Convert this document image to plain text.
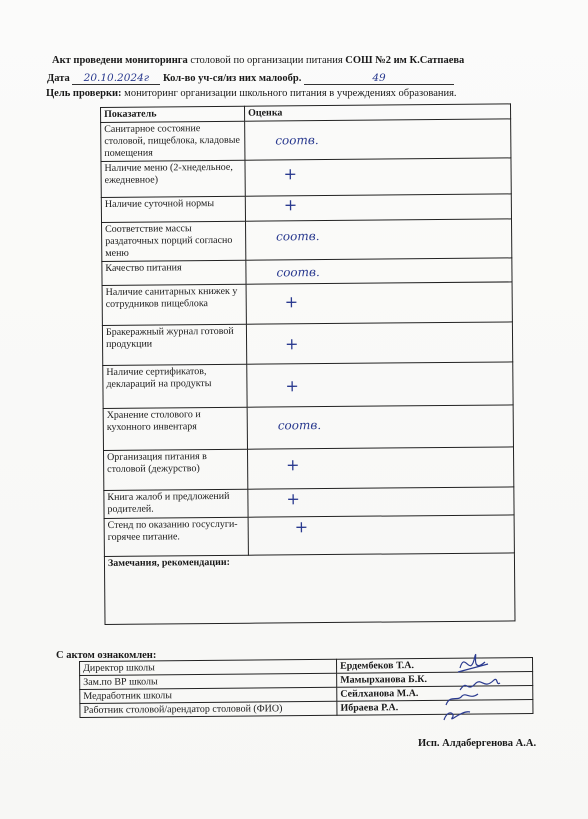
Акт проведени мониторинга столовой по организации питания СОШ №2 им К.Сатпаева
Дата 20.10.2024г Кол-во уч-ся/из них малообр.	49
Цель проверки: мониторинг организации школьного питания в учреждениях образования.
Показатель	Оценка
Санитарное состояние столовой, пищеблока, кладовые помещения	соотв.

Наличие меню (2-хнедельное, ежедневное)	+

Наличие суточной нормы	+

Соответствие массы раздаточных порций согласно меню	соотв.

Качество питания	соотв.

Наличие санитарных книжек у сотрудников пищеблока	+

Бракеражный журнал готовой продукции	+

Наличие сертификатов, деклараций на продукты	+

Хранение столового и кухонного инвентаря	соотв.

Организация питания в столовой (дежурство)	+

Книга жалоб и предложений родителей.	+

Стенд по оказанию госуслуги-горячее питание.	+

Замечания, рекомендации:	
С актом ознакомлен:
Директор школы	Ердембеков Т.А.
Зам.по ВР школы	Мамырханова Б.К.
Медработник школы	Сейлханова М.А.
Работник столовой/арендатор столовой (ФИО)	Ибраева Р.А.
Исп. Алдабергенова А.А.
